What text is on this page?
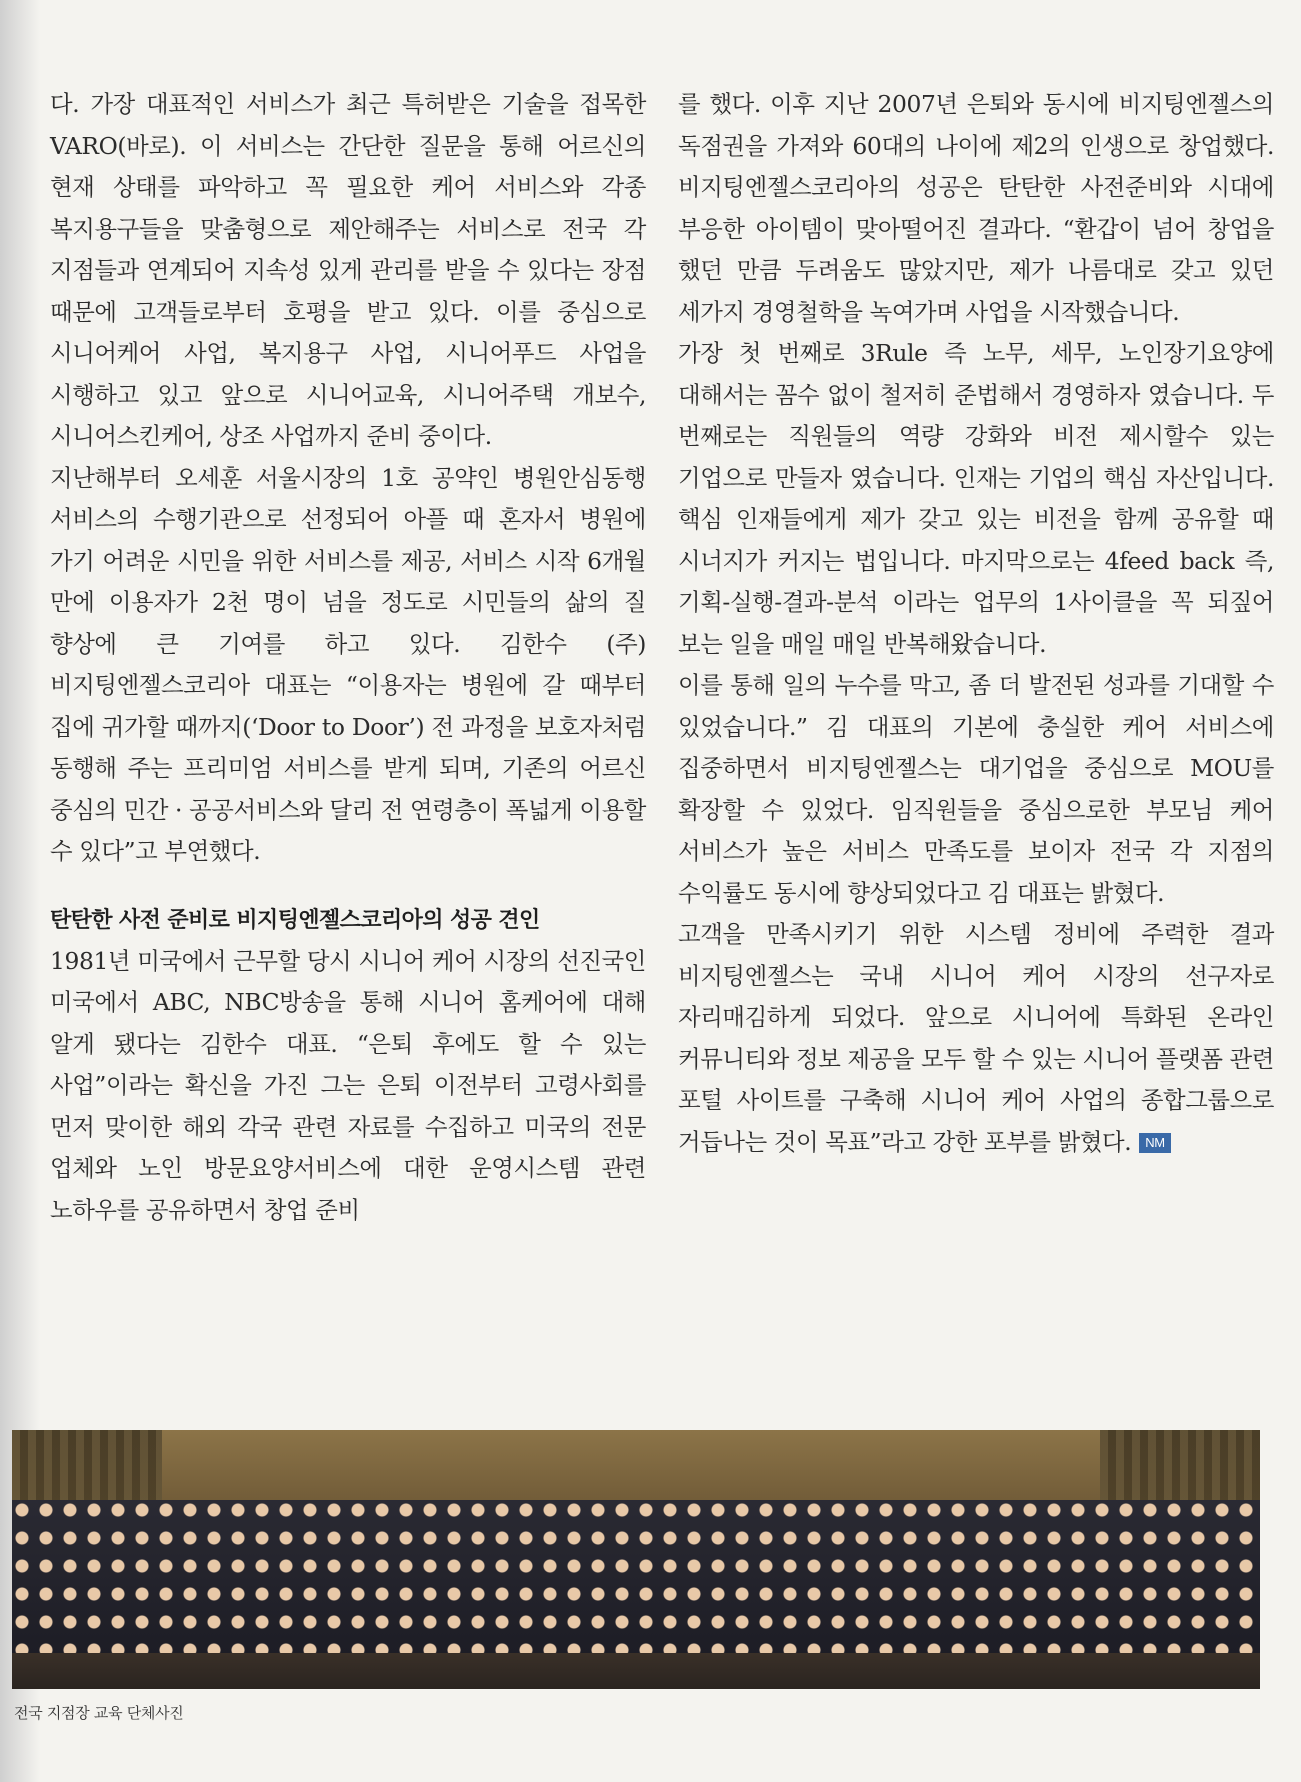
다. 가장 대표적인 서비스가 최근 특허받은 기술을 접목한 VARO(바로). 이 서비스는 간단한 질문을 통해 어르신의 현재 상태를 파악하고 꼭 필요한 케어 서비스와 각종 복지용구들을 맞춤형으로 제안해주는 서비스로 전국 각 지점들과 연계되어 지속성 있게 관리를 받을 수 있다는 장점 때문에 고객들로부터 호평을 받고 있다. 이를 중심으로 시니어케어 사업, 복지용구 사업, 시니어푸드 사업을 시행하고 있고 앞으로 시니어교육, 시니어주택 개보수, 시니어스킨케어, 상조 사업까지 준비 중이다.

지난해부터 오세훈 서울시장의 1호 공약인 병원안심동행 서비스의 수행기관으로 선정되어 아플 때 혼자서 병원에 가기 어려운 시민을 위한 서비스를 제공, 서비스 시작 6개월 만에 이용자가 2천 명이 넘을 정도로 시민들의 삶의 질 향상에 큰 기여를 하고 있다. 김한수 (주)비지팅엔젤스코리아 대표는 “이용자는 병원에 갈 때부터 집에 귀가할 때까지(‘Door to Door’) 전 과정을 보호자처럼 동행해 주는 프리미엄 서비스를 받게 되며, 기존의 어르신 중심의 민간 · 공공서비스와 달리 전 연령층이 폭넓게 이용할 수 있다”고 부연했다.

탄탄한 사전 준비로 비지팅엔젤스코리아의 성공 견인

1981년 미국에서 근무할 당시 시니어 케어 시장의 선진국인 미국에서 ABC, NBC방송을 통해 시니어 홈케어에 대해 알게 됐다는 김한수 대표. “은퇴 후에도 할 수 있는 사업”이라는 확신을 가진 그는 은퇴 이전부터 고령사회를 먼저 맞이한 해외 각국 관련 자료를 수집하고 미국의 전문 업체와 노인 방문요양서비스에 대한 운영시스템 관련 노하우를 공유하면서 창업 준비

를 했다. 이후 지난 2007년 은퇴와 동시에 비지팅엔젤스의 독점권을 가져와 60대의 나이에 제2의 인생으로 창업했다. 비지팅엔젤스코리아의 성공은 탄탄한 사전준비와 시대에 부응한 아이템이 맞아떨어진 결과다. “환갑이 넘어 창업을 했던 만큼 두려움도 많았지만, 제가 나름대로 갖고 있던 세가지 경영철학을 녹여가며 사업을 시작했습니다.

가장 첫 번째로 3Rule 즉 노무, 세무, 노인장기요양에 대해서는 꼼수 없이 철저히 준법해서 경영하자 였습니다. 두 번째로는 직원들의 역량 강화와 비전 제시할수 있는 기업으로 만들자 였습니다. 인재는 기업의 핵심 자산입니다. 핵심 인재들에게 제가 갖고 있는 비전을 함께 공유할 때 시너지가 커지는 법입니다. 마지막으로는 4feed back 즉, 기획-실행-결과-분석 이라는 업무의 1사이클을 꼭 되짚어 보는 일을 매일 매일 반복해왔습니다.

이를 통해 일의 누수를 막고, 좀 더 발전된 성과를 기대할 수 있었습니다.” 김 대표의 기본에 충실한 케어 서비스에 집중하면서 비지팅엔젤스는 대기업을 중심으로 MOU를 확장할 수 있었다. 임직원들을 중심으로한 부모님 케어 서비스가 높은 서비스 만족도를 보이자 전국 각 지점의 수익률도 동시에 향상되었다고 김 대표는 밝혔다.

고객을 만족시키기 위한 시스템 정비에 주력한 결과 비지팅엔젤스는 국내 시니어 케어 시장의 선구자로 자리매김하게 되었다. 앞으로 시니어에 특화된 온라인 커뮤니티와 정보 제공을 모두 할 수 있는 시니어 플랫폼 관련 포털 사이트를 구축해 시니어 케어 사업의 종합그룹으로 거듭나는 것이 목표”라고 강한 포부를 밝혔다. NM

전국 지점장 교육 단체사진
